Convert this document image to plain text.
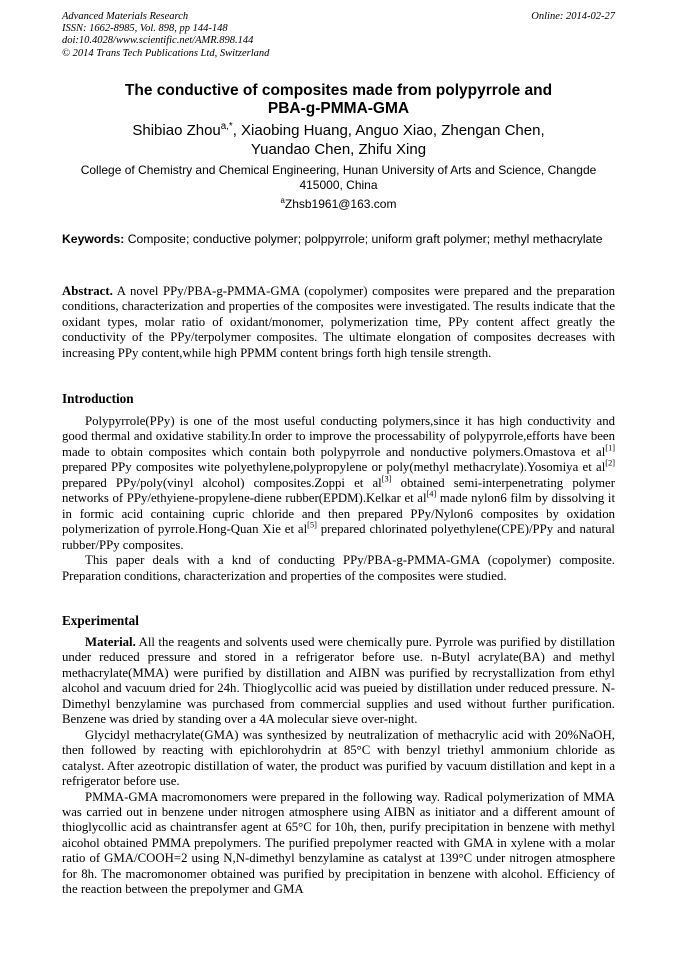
Advanced Materials Research
ISSN: 1662-8985, Vol. 898, pp 144-148
doi:10.4028/www.scientific.net/AMR.898.144
© 2014 Trans Tech Publications Ltd, Switzerland
Online: 2014-02-27
The conductive of composites made from polypyrrole and
PBA-g-PMMA-GMA
Shibiao Zhou$^{a,*}$, Xiaobing Huang, Anguo Xiao, Zhengan Chen,
Yuandao Chen, Zhifu Xing
College of Chemistry and Chemical Engineering, Hunan University of Arts and Science, Changde
415000, China
$^a$Zhsb1961@163.com
Keywords: Composite; conductive polymer; polppyrrole; uniform graft polymer; methyl methacrylate

Abstract. A novel PPy/PBA-g-PMMA-GMA (copolymer) composites were prepared and the preparation conditions, characterization and properties of the composites were investigated. The results indicate that the oxidant types, molar ratio of oxidant/monomer, polymerization time, PPy content affect greatly the conductivity of the PPy/terpolymer composites. The ultimate elongation of composites decreases with increasing PPy content,while high PPMM content brings forth high tensile strength.

Introduction

Polypyrrole(PPy) is one of the most useful conducting polymers,since it has high conductivity and good thermal and oxidative stability.In order to improve the processability of polypyrrole,efforts have been made to obtain composites which contain both polypyrrole and nonductive polymers.Omastova et al[1] prepared PPy composites wite polyethylene,polypropylene or poly(methyl methacrylate).Yosomiya et al[2] prepared PPy/poly(vinyl alcohol) composites.Zoppi et al[3] obtained semi-interpenetrating polymer networks of PPy/ethyiene-propylene-diene rubber(EPDM).Kelkar et al[4] made nylon6 film by dissolving it in formic acid containing cupric chloride and then prepared PPy/Nylon6 composites by oxidation polymerization of pyrrole.Hong-Quan Xie et al[5] prepared chlorinated polyethylene(CPE)/PPy and natural rubber/PPy composites.

This paper deals with a knd of conducting PPy/PBA-g-PMMA-GMA (copolymer) composite. Preparation conditions, characterization and properties of the composites were studied.

Experimental

Material. All the reagents and solvents used were chemically pure. Pyrrole was purified by distillation under reduced pressure and stored in a refrigerator before use. n-Butyl acrylate(BA) and methyl methacrylate(MMA) were purified by distillation and AIBN was purified by recrystallization from ethyl alcohol and vacuum dried for 24h. Thioglycollic acid was pueied by distillation under reduced pressure. N-Dimethyl benzylamine was purchased from commercial supplies and used without further purification. Benzene was dried by standing over a 4A molecular sieve over-night.

Glycidyl methacrylate(GMA) was synthesized by neutralization of methacrylic acid with 20%NaOH, then followed by reacting with epichlorohydrin at 85°C with benzyl triethyl ammonium chloride as catalyst. After azeotropic distillation of water, the product was purified by vacuum distillation and kept in a refrigerator before use.

PMMA-GMA macromonomers were prepared in the following way. Radical polymerization of MMA was carried out in benzene under nitrogen atmosphere using AIBN as initiator and a different amount of thioglycollic acid as chaintransfer agent at 65°C for 10h, then, purify precipitation in benzene with methyl aicohol obtained PMMA prepolymers. The purified prepolymer reacted with GMA in xylene with a molar ratio of GMA/COOH=2 using N,N-dimethyl benzylamine as catalyst at 139°C under nitrogen atmosphere for 8h. The macromonomer obtained was purified by precipitation in benzene with alcohol. Efficiency of the reaction between the prepolymer and GMA
